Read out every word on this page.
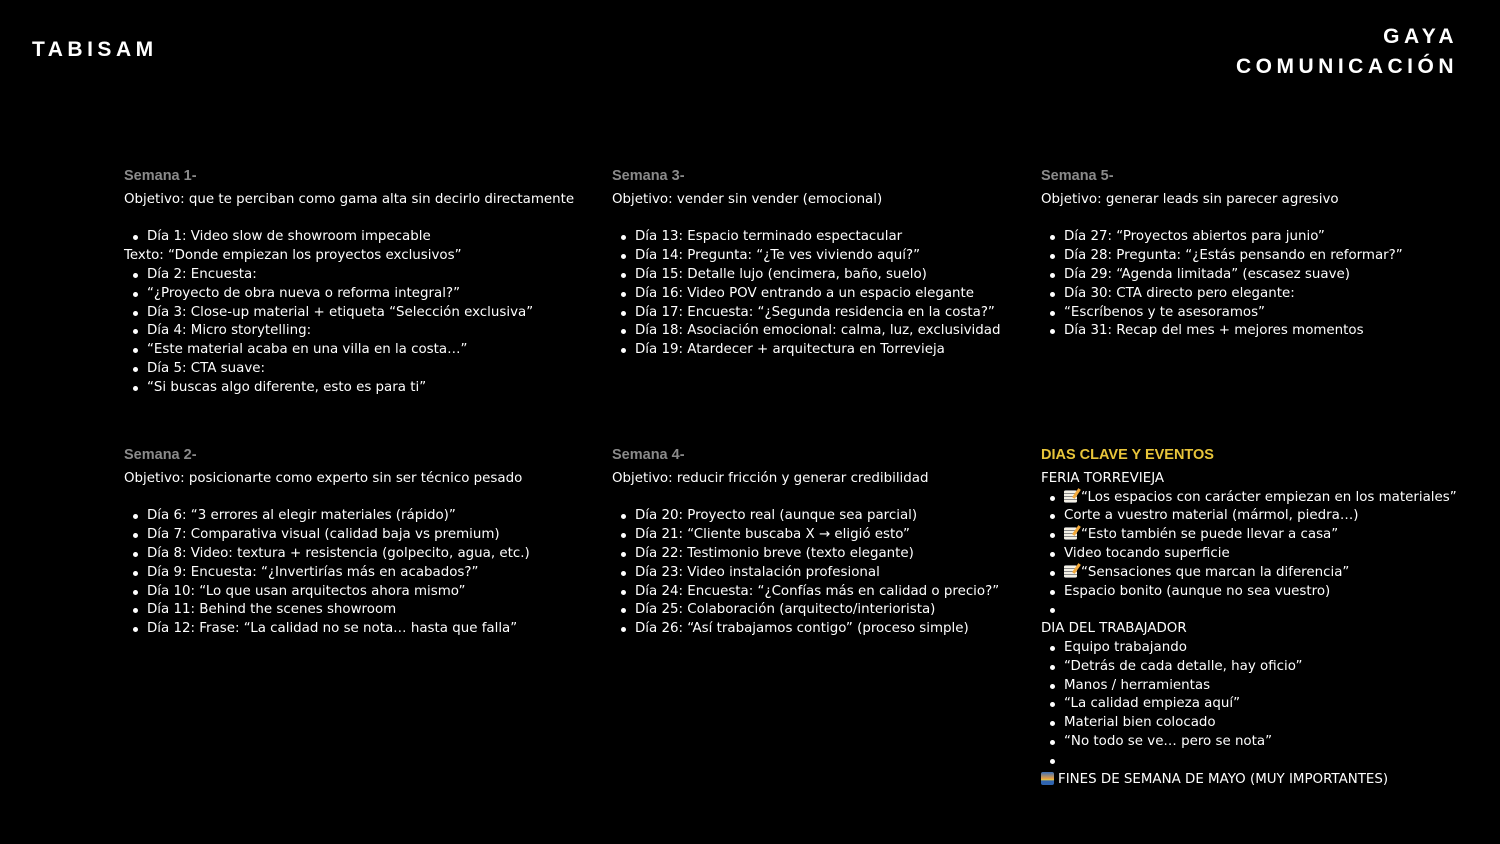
TABISAM
GAYA
COMUNICACIÓN
Semana 1-
Objetivo: que te perciban como gama alta sin decirlo directamente
Día 1: Video slow de showroom impecable
Texto: “Donde empiezan los proyectos exclusivos”
Día 2: Encuesta:
“¿Proyecto de obra nueva o reforma integral?”
Día 3: Close-up material + etiqueta “Selección exclusiva”
Día 4: Micro storytelling:
“Este material acaba en una villa en la costa…”
Día 5: CTA suave:
“Si buscas algo diferente, esto es para ti”
Semana 2-
Objetivo: posicionarte como experto sin ser técnico pesado
Día 6: “3 errores al elegir materiales (rápido)”
Día 7: Comparativa visual (calidad baja vs premium)
Día 8: Video: textura + resistencia (golpecito, agua, etc.)
Día 9: Encuesta: “¿Invertirías más en acabados?”
Día 10: “Lo que usan arquitectos ahora mismo”
Día 11: Behind the scenes showroom
Día 12: Frase: “La calidad no se nota… hasta que falla”
Semana 3-
Objetivo: vender sin vender (emocional)
Día 13: Espacio terminado espectacular
Día 14: Pregunta: “¿Te ves viviendo aquí?”
Día 15: Detalle lujo (encimera, baño, suelo)
Día 16: Video POV entrando a un espacio elegante
Día 17: Encuesta: “¿Segunda residencia en la costa?”
Día 18: Asociación emocional: calma, luz, exclusividad
Día 19: Atardecer + arquitectura en Torrevieja
Semana 4-
Objetivo: reducir fricción y generar credibilidad
Día 20: Proyecto real (aunque sea parcial)
Día 21: “Cliente buscaba X → eligió esto”
Día 22: Testimonio breve (texto elegante)
Día 23: Video instalación profesional
Día 24: Encuesta: “¿Confías más en calidad o precio?”
Día 25: Colaboración (arquitecto/interiorista)
Día 26: “Así trabajamos contigo” (proceso simple)
Semana 5-
Objetivo: generar leads sin parecer agresivo
Día 27: “Proyectos abiertos para junio”
Día 28: Pregunta: “¿Estás pensando en reformar?”
Día 29: “Agenda limitada” (escasez suave)
Día 30: CTA directo pero elegante:
“Escríbenos y te asesoramos”
Día 31: Recap del mes + mejores momentos
DIAS CLAVE Y EVENTOS
FERIA TORREVIEJA
“Los espacios con carácter empiezan en los materiales”
Corte a vuestro material (mármol, piedra…)
“Esto también se puede llevar a casa”
Video tocando superficie
“Sensaciones que marcan la diferencia”
Espacio bonito (aunque no sea vuestro)
DIA DEL TRABAJADOR
Equipo trabajando
“Detrás de cada detalle, hay oficio”
Manos / herramientas
“La calidad empieza aquí”
Material bien colocado
“No todo se ve… pero se nota”
FINES DE SEMANA DE MAYO (MUY IMPORTANTES)
